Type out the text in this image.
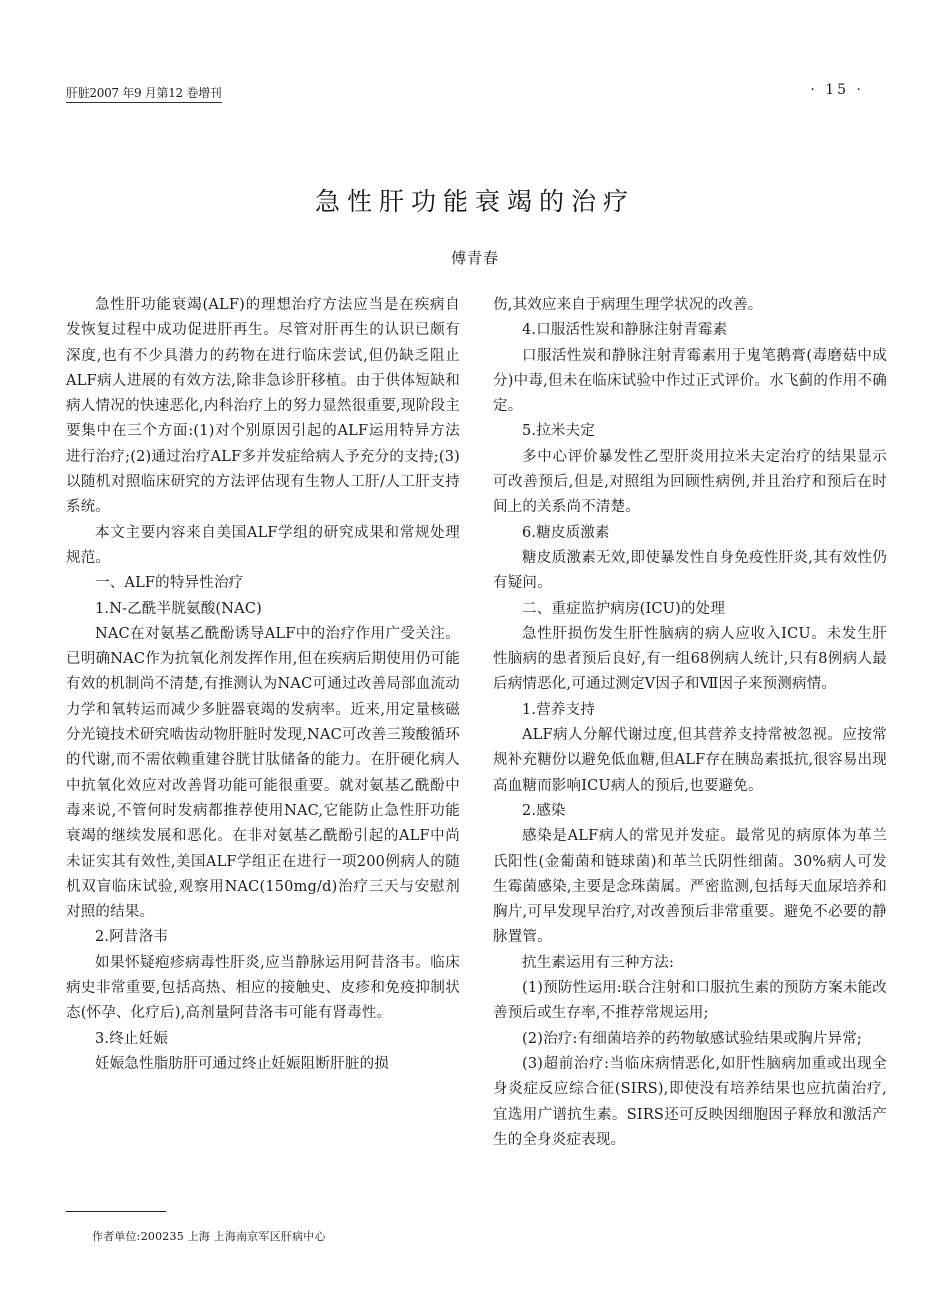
肝脏2007 年9 月第12 卷增刊	· 15 ·
急性肝功能衰竭的治疗
傅青春

急性肝功能衰竭(ALF)的理想治疗方法应当是在疾病自发恢复过程中成功促进肝再生。尽管对肝再生的认识已颇有深度,也有不少具潜力的药物在进行临床尝试,但仍缺乏阻止ALF病人进展的有效方法,除非急诊肝移植。由于供体短缺和病人情况的快速恶化,内科治疗上的努力显然很重要,现阶段主要集中在三个方面:(1)对个别原因引起的ALF运用特异方法进行治疗;(2)通过治疗ALF多并发症给病人予充分的支持;(3)以随机对照临床研究的方法评估现有生物人工肝/人工肝支持系统。

本文主要内容来自美国ALF学组的研究成果和常规处理规范。

一、ALF的特异性治疗

1.N-乙酰半胱氨酸(NAC)

NAC在对氨基乙酰酚诱导ALF中的治疗作用广受关注。已明确NAC作为抗氧化剂发挥作用,但在疾病后期使用仍可能有效的机制尚不清楚,有推测认为NAC可通过改善局部血流动力学和氧转运而减少多脏器衰竭的发病率。近来,用定量核磁分光镜技术研究啮齿动物肝脏时发现,NAC可改善三羧酸循环的代谢,而不需依赖重建谷胱甘肽储备的能力。在肝硬化病人中抗氧化效应对改善肾功能可能很重要。就对氨基乙酰酚中毒来说,不管何时发病都推荐使用NAC,它能防止急性肝功能衰竭的继续发展和恶化。在非对氨基乙酰酚引起的ALF中尚未证实其有效性,美国ALF学组正在进行一项200例病人的随机双盲临床试验,观察用NAC(150mg/d)治疗三天与安慰剂对照的结果。

2.阿昔洛韦

如果怀疑疱疹病毒性肝炎,应当静脉运用阿昔洛韦。临床病史非常重要,包括高热、相应的接触史、皮疹和免疫抑制状态(怀孕、化疗后),高剂量阿昔洛韦可能有肾毒性。

3.终止妊娠

妊娠急性脂肪肝可通过终止妊娠阻断肝脏的损

伤,其效应来自于病理生理学状况的改善。

4.口服活性炭和静脉注射青霉素

口服活性炭和静脉注射青霉素用于鬼笔鹅膏(毒磨菇中成分)中毒,但未在临床试验中作过正式评价。水飞蓟的作用不确定。

5.拉米夫定

多中心评价暴发性乙型肝炎用拉米夫定治疗的结果显示可改善预后,但是,对照组为回顾性病例,并且治疗和预后在时间上的关系尚不清楚。

6.糖皮质激素

糖皮质激素无效,即使暴发性自身免疫性肝炎,其有效性仍有疑问。

二、重症监护病房(ICU)的处理

急性肝损伤发生肝性脑病的病人应收入ICU。未发生肝性脑病的患者预后良好,有一组68例病人统计,只有8例病人最后病情恶化,可通过测定Ⅴ因子和Ⅶ因子来预测病情。

1.营养支持

ALF病人分解代谢过度,但其营养支持常被忽视。应按常规补充糖份以避免低血糖,但ALF存在胰岛素抵抗,很容易出现高血糖而影响ICU病人的预后,也要避免。

2.感染

感染是ALF病人的常见并发症。最常见的病原体为革兰氏阳性(金葡菌和链球菌)和革兰氏阴性细菌。30%病人可发生霉菌感染,主要是念珠菌属。严密监测,包括每天血尿培养和胸片,可早发现早治疗,对改善预后非常重要。避免不必要的静脉置管。

抗生素运用有三种方法:

(1)预防性运用:联合注射和口服抗生素的预防方案未能改善预后或生存率,不推荐常规运用;

(2)治疗:有细菌培养的药物敏感试验结果或胸片异常;

(3)超前治疗:当临床病情恶化,如肝性脑病加重或出现全身炎症反应综合征(SIRS),即使没有培养结果也应抗菌治疗,宜选用广谱抗生素。SIRS还可反映因细胞因子释放和激活产生的全身炎症表现。

作者单位:200235 上海 上海南京军区肝病中心
